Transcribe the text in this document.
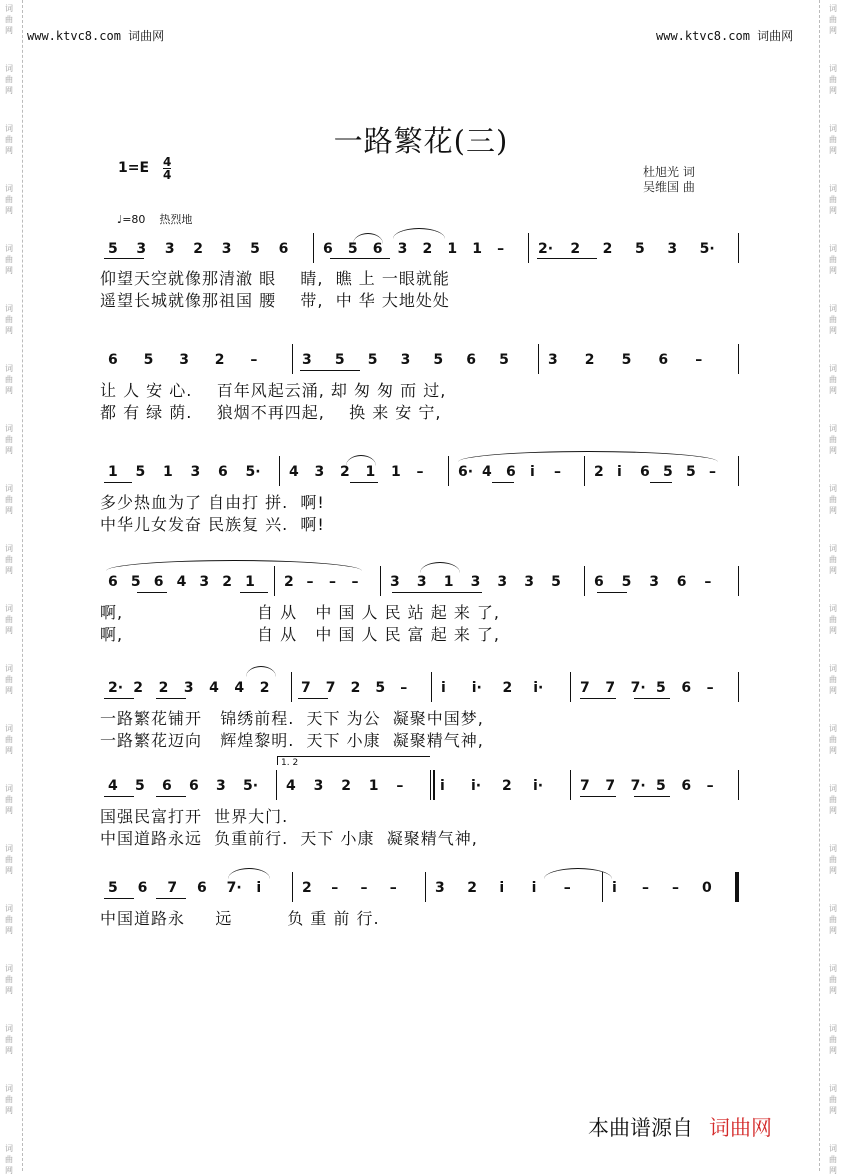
词
曲
网
词
曲
网
词
曲
网
词
曲
网
词
曲
网
词
曲
网
词
曲
网
词
曲
网
词
曲
网
词
曲
网
词
曲
网
词
曲
网
词
曲
网
词
曲
网
词
曲
网
词
曲
网
词
曲
网
词
曲
网
词
曲
网
词
曲
网
词
曲
网
词
曲
网
词
曲
网
词
曲
网
词
曲
网
词
曲
网
词
曲
网
词
曲
网
词
曲
网
词
曲
网
词
曲
网
词
曲
网
词
曲
网
词
曲
网
词
曲
网
词
曲
网
词
曲
网
词
曲
网
词
曲
网
词
曲
网
www.ktvc8.com 词曲网	www.ktvc8.com 词曲网
一路繁花(三)
1=E 4
4	杜旭光 词
吴维国 曲
♩=80 热烈地
5 3 3 2 3 5 6 6 5 6 3 2 1 1 – 2· 2 2 5 3 5·
仰望天空就像那清澈 眼    睛,  瞧 上 一眼就能
遥望长城就像那祖国 腰    带,  中 华 大地处处
6 5 3 2 –	3 5 5 3 5 6 5	3 2 5 6 –
让 人 安 心.    百年风起云涌, 却 匆 匆 而 过,
都 有 绿 荫.    狼烟不再四起,    换 来 安 宁,
1 5 1 3 6 5· 4 3 2 1 1 – 6· 4 6 i – 2 i 6 5 5 –
多少热血为了 自由打 拼.  啊!
中华儿女发奋 民族复 兴.  啊!
6 5 6 4 3 2 1 2 – – – 3 3 1 3 3 3 5 6 5 3 6 –
啊,                      自 从   中 国 人 民 站 起 来 了,
啊,                      自 从   中 国 人 民 富 起 来 了,
2· 2 2 3 4 4 2 7 7 2 5 – i i· 2 i·	7 7 7· 5 6 –
一路繁花铺开   锦绣前程.  天下 为公  凝聚中国梦,
一路繁花迈向   辉煌黎明.  天下 小康  凝聚精气神,
4 5 6 6 3 5· 4 3 2 1 –	i i· 2 i·	7 7 7· 5 6 –
国强民富打开  世界大门.
中国道路永远  负重前行.  天下 小康  凝聚精气神,
5 6 7 6 7· i	2 – – –	3 2 i i –	i – – 0
中国道路永     远         负 重 前 行.
1. 2
本曲谱源自 词曲网
